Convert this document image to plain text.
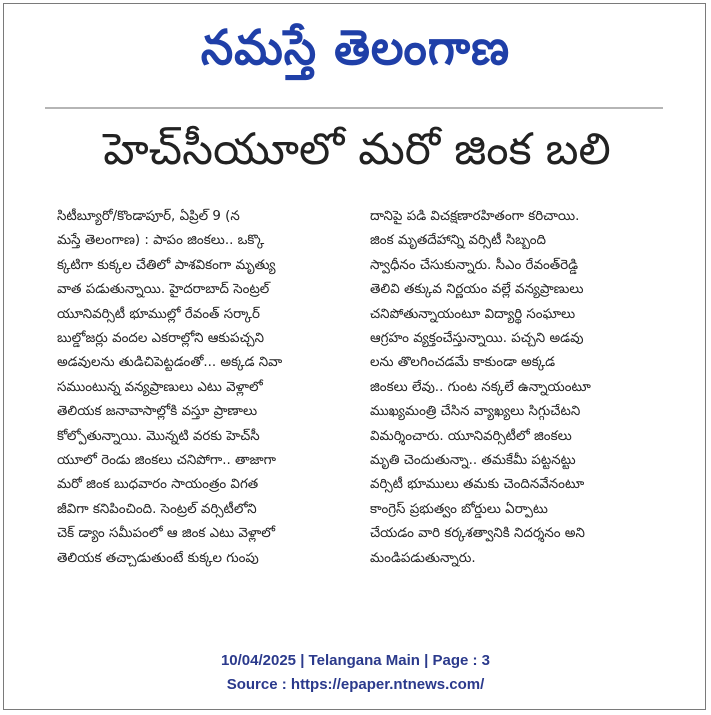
నమస్తే తెలంగాణ
హెచ్‌సీయూలో మరో జింక బలి
సిటీబ్యూరో/కొండాపూర్, ఏప్రిల్ 9 (న
మస్తే తెలంగాణ) : పాపం జింకలు.. ఒక్కొ
క్కటిగా కుక్కల చేతిలో పాశవికంగా మృత్యు
వాత పడుతున్నాయి. హైదరాబాద్ సెంట్రల్
యూనివర్సిటీ భూముల్లో రేవంత్ సర్కార్
బుల్డోజర్లు వందల ఎకరాల్లోని ఆకుపచ్చని
అడవులను తుడిచిపెట్టడంతో... అక్కడ నివా
సముంటున్న వన్యప్రాణులు ఎటు వెళ్లాలో
తెలియక జనావాసాల్లోకి వస్తూ ప్రాణాలు
కోల్పోతున్నాయి. మొన్నటి వరకు హెచ్‌సీ
యూలో రెండు జింకలు చనిపోగా.. తాజాగా
మరో జింక బుధవారం సాయంత్రం విగత
జీవిగా కనిపించింది. సెంట్రల్ వర్సిటీలోని
చెక్ డ్యాం సమీపంలో ఆ జింక ఎటు వెళ్లాలో
తెలియక తచ్చాడుతుంటే కుక్కల గుంపు
దానిపై పడి విచక్షణారహితంగా కరిచాయి.
జింక మృతదేహాన్ని వర్సిటీ సిబ్బంది
స్వాధీనం చేసుకున్నారు. సీఎం రేవంత్‌రెడ్డి
తెలివి తక్కువ నిర్ణయం వల్లే వన్యప్రాణులు
చనిపోతున్నాయంటూ విద్యార్థి సంఘాలు
ఆగ్రహం వ్యక్తంచేస్తున్నాయి. పచ్చని అడవు
లను తొలగించడమే కాకుండా అక్కడ
జింకలు లేవు.. గుంట నక్కలే ఉన్నాయంటూ
ముఖ్యమంత్రి చేసిన వ్యాఖ్యలు సిగ్గుచేటని
విమర్శించారు. యూనివర్సిటీలో జింకలు
మృతి చెందుతున్నా.. తమకేమీ పట్టనట్టు
వర్సిటీ భూములు తమకు చెందినవేనంటూ
కాంగ్రెస్ ప్రభుత్వం బోర్డులు ఏర్పాటు
చేయడం వారి కర్కశత్వానికి నిదర్శనం అని
మండిపడుతున్నారు.
10/04/2025 | Telangana Main | Page : 3
Source : https://epaper.ntnews.com/
